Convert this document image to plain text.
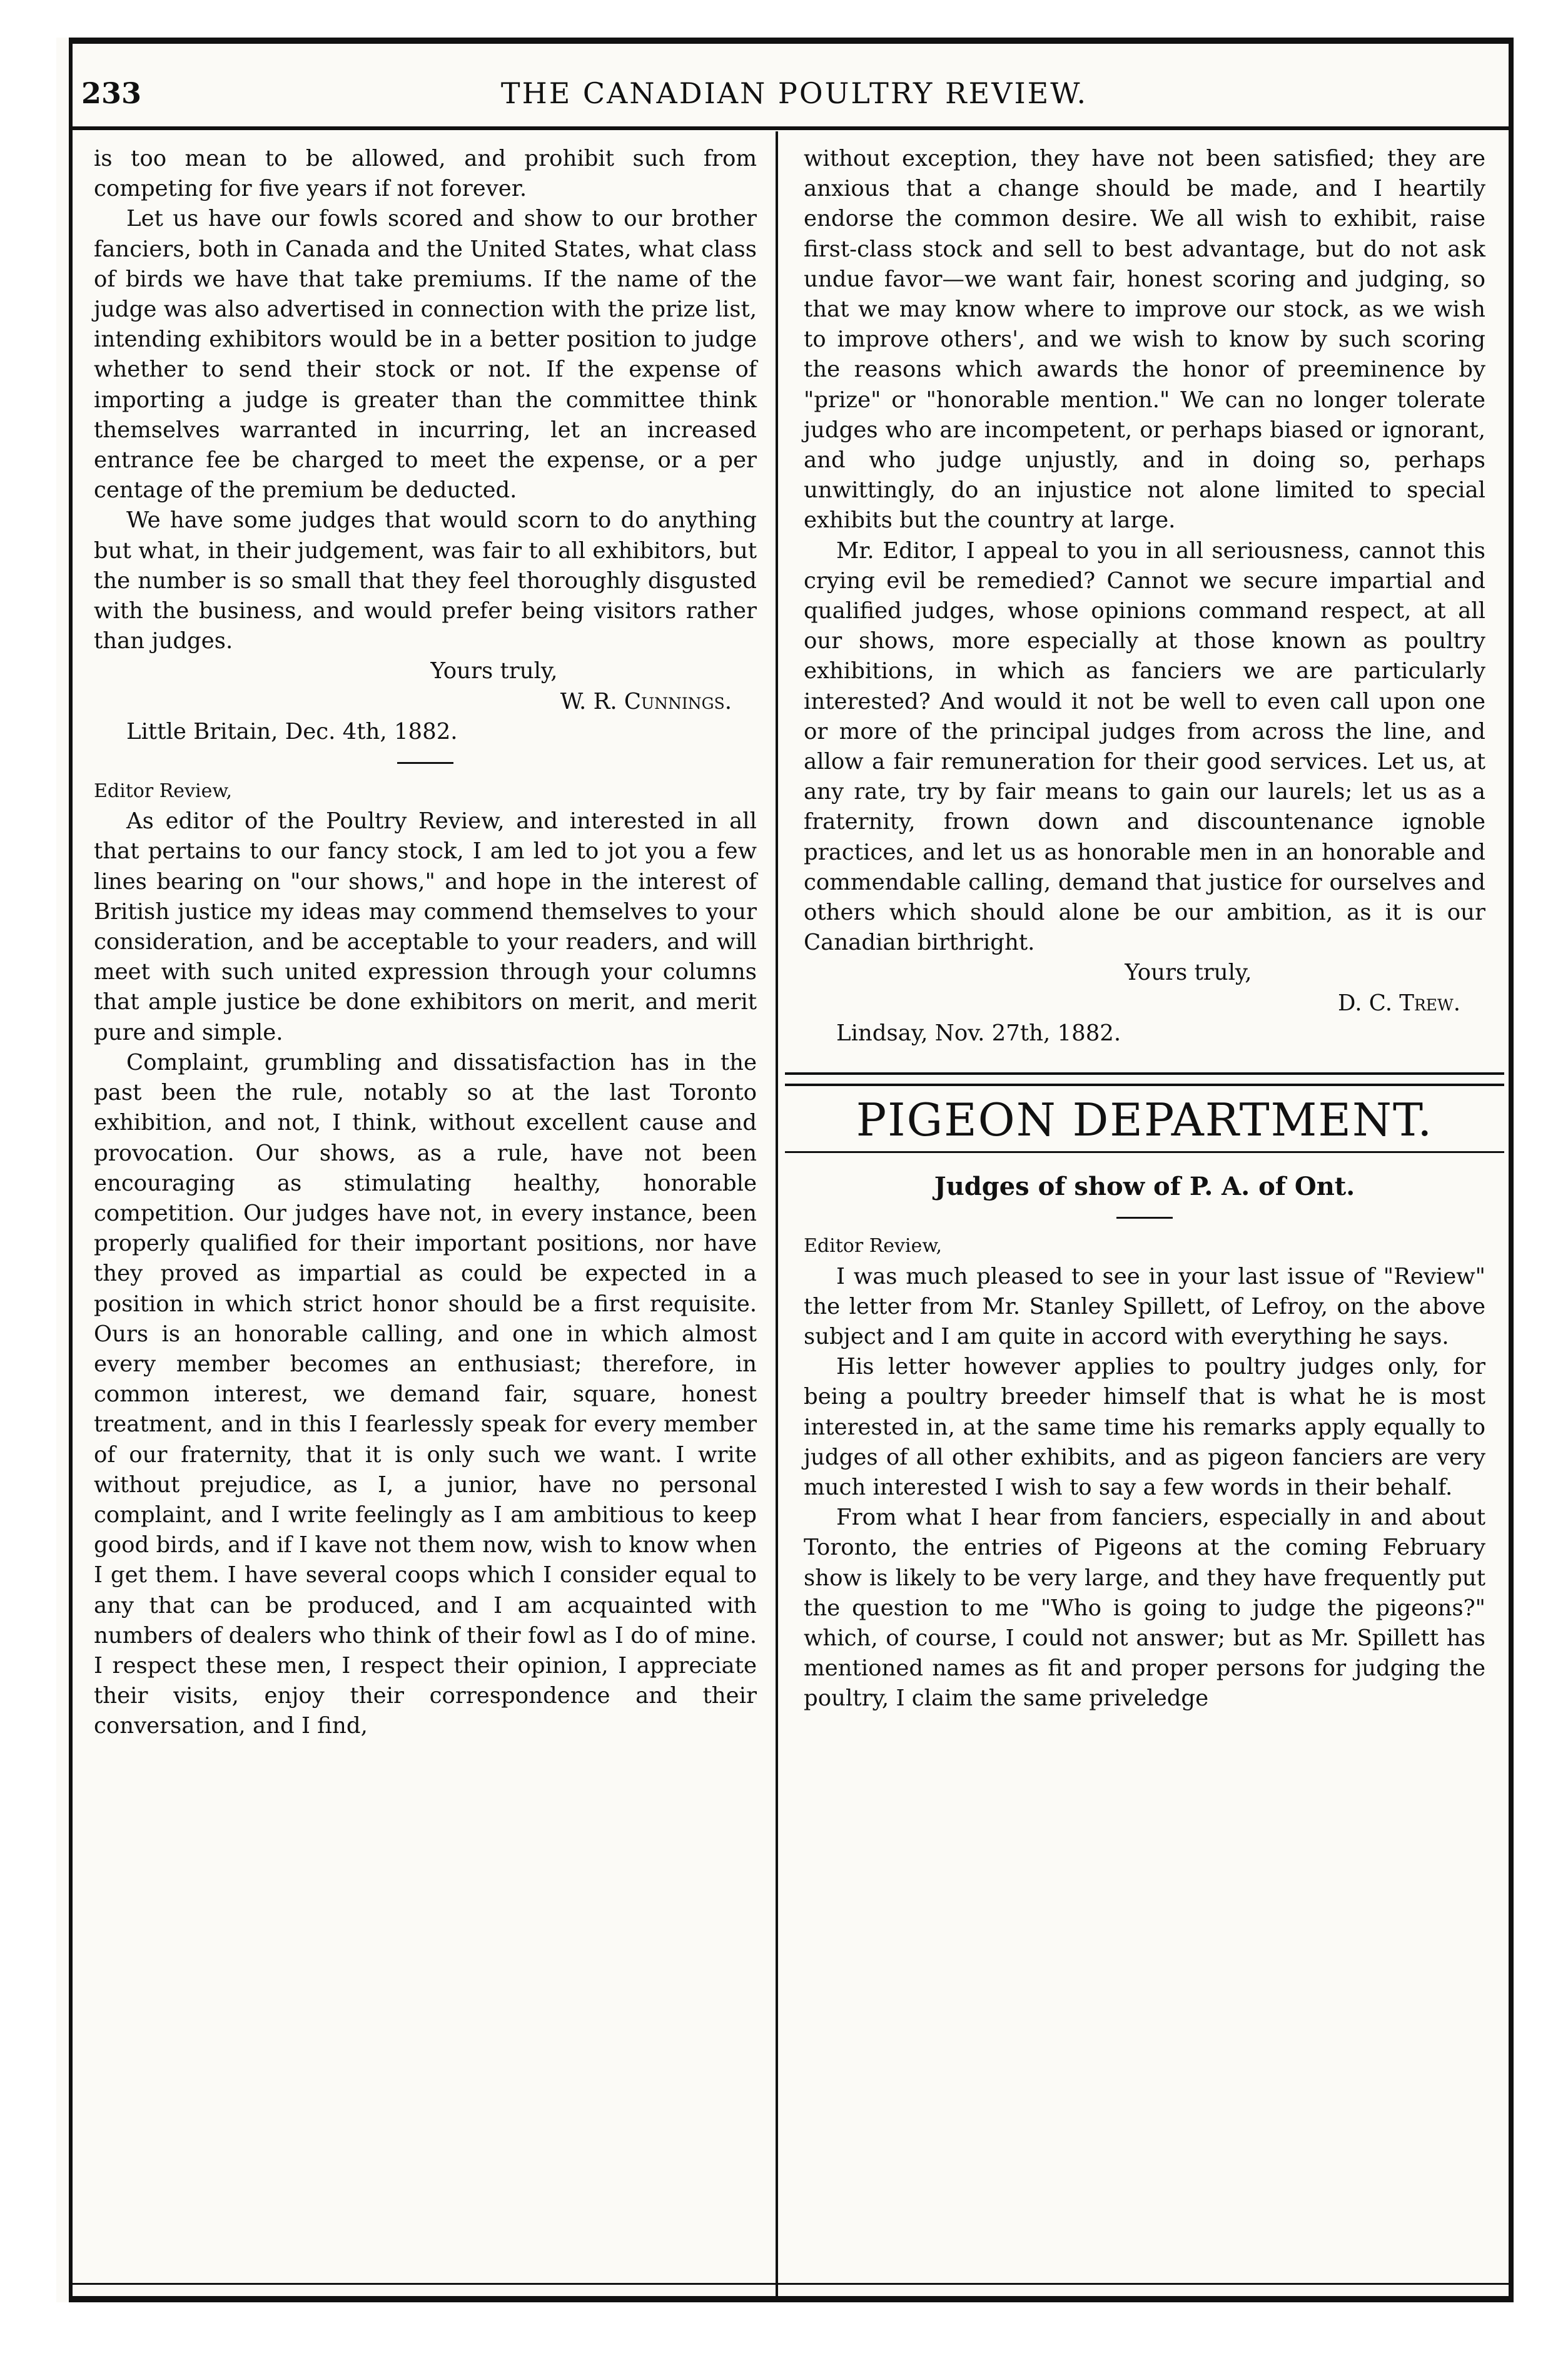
233	THE CANADIAN POULTRY REVIEW.

is too mean to be allowed, and prohibit such from competing for five years if not forever.

Let us have our fowls scored and show to our brother fanciers, both in Canada and the United States, what class of birds we have that take premiums. If the name of the judge was also advertised in connection with the prize list, intending exhibitors would be in a better position to judge whether to send their stock or not. If the expense of importing a judge is greater than the committee think themselves warranted in incurring, let an increased entrance fee be charged to meet the expense, or a per centage of the premium be deducted.

We have some judges that would scorn to do anything but what, in their judgement, was fair to all exhibitors, but the number is so small that they feel thoroughly disgusted with the business, and would prefer being visitors rather than judges.

Yours truly,

W. R. Cunnings.

Little Britain, Dec. 4th, 1882.

Editor Review,

As editor of the Poultry Review, and interested in all that pertains to our fancy stock, I am led to jot you a few lines bearing on "our shows," and hope in the interest of British justice my ideas may commend themselves to your consideration, and be acceptable to your readers, and will meet with such united expression through your columns that ample justice be done exhibitors on merit, and merit pure and simple.

Complaint, grumbling and dissatisfaction has in the past been the rule, notably so at the last Toronto exhibition, and not, I think, without excellent cause and provocation. Our shows, as a rule, have not been encouraging as stimulating healthy, honorable competition. Our judges have not, in every instance, been properly qualified for their important positions, nor have they proved as impartial as could be expected in a position in which strict honor should be a first requisite. Ours is an honorable calling, and one in which almost every member becomes an enthusiast; therefore, in common interest, we demand fair, square, honest treatment, and in this I fearlessly speak for every member of our fraternity, that it is only such we want. I write without prejudice, as I, a junior, have no personal complaint, and I write feelingly as I am ambitious to keep good birds, and if I kave not them now, wish to know when I get them. I have several coops which I consider equal to any that can be produced, and I am acquainted with numbers of dealers who think of their fowl as I do of mine. I respect these men, I respect their opinion, I appreciate their visits, enjoy their correspondence and their conversation, and I find,

without exception, they have not been satisfied; they are anxious that a change should be made, and I heartily endorse the common desire. We all wish to exhibit, raise first-class stock and sell to best advantage, but do not ask undue favor—we want fair, honest scoring and judging, so that we may know where to improve our stock, as we wish to improve others', and we wish to know by such scoring the reasons which awards the honor of preeminence by "prize" or "honorable mention." We can no longer tolerate judges who are incompetent, or perhaps biased or ignorant, and who judge unjustly, and in doing so, perhaps unwittingly, do an injustice not alone limited to special exhibits but the country at large.

Mr. Editor, I appeal to you in all seriousness, cannot this crying evil be remedied? Cannot we secure impartial and qualified judges, whose opinions command respect, at all our shows, more especially at those known as poultry exhibitions, in which as fanciers we are particularly interested? And would it not be well to even call upon one or more of the principal judges from across the line, and allow a fair remuneration for their good services. Let us, at any rate, try by fair means to gain our laurels; let us as a fraternity, frown down and discountenance ignoble practices, and let us as honorable men in an honorable and commendable calling, demand that justice for ourselves and others which should alone be our ambition, as it is our Canadian birthright.

Yours truly,

D. C. Trew.

Lindsay, Nov. 27th, 1882.

PIGEON DEPARTMENT.
Judges of show of P. A. of Ont.

Editor Review,

I was much pleased to see in your last issue of "Review" the letter from Mr. Stanley Spillett, of Lefroy, on the above subject and I am quite in accord with everything he says.

His letter however applies to poultry judges only, for being a poultry breeder himself that is what he is most interested in, at the same time his remarks apply equally to judges of all other exhibits, and as pigeon fanciers are very much interested I wish to say a few words in their behalf.

From what I hear from fanciers, especially in and about Toronto, the entries of Pigeons at the coming February show is likely to be very large, and they have frequently put the question to me "Who is going to judge the pigeons?" which, of course, I could not answer; but as Mr. Spillett has mentioned names as fit and proper persons for judging the poultry, I claim the same priveledge
